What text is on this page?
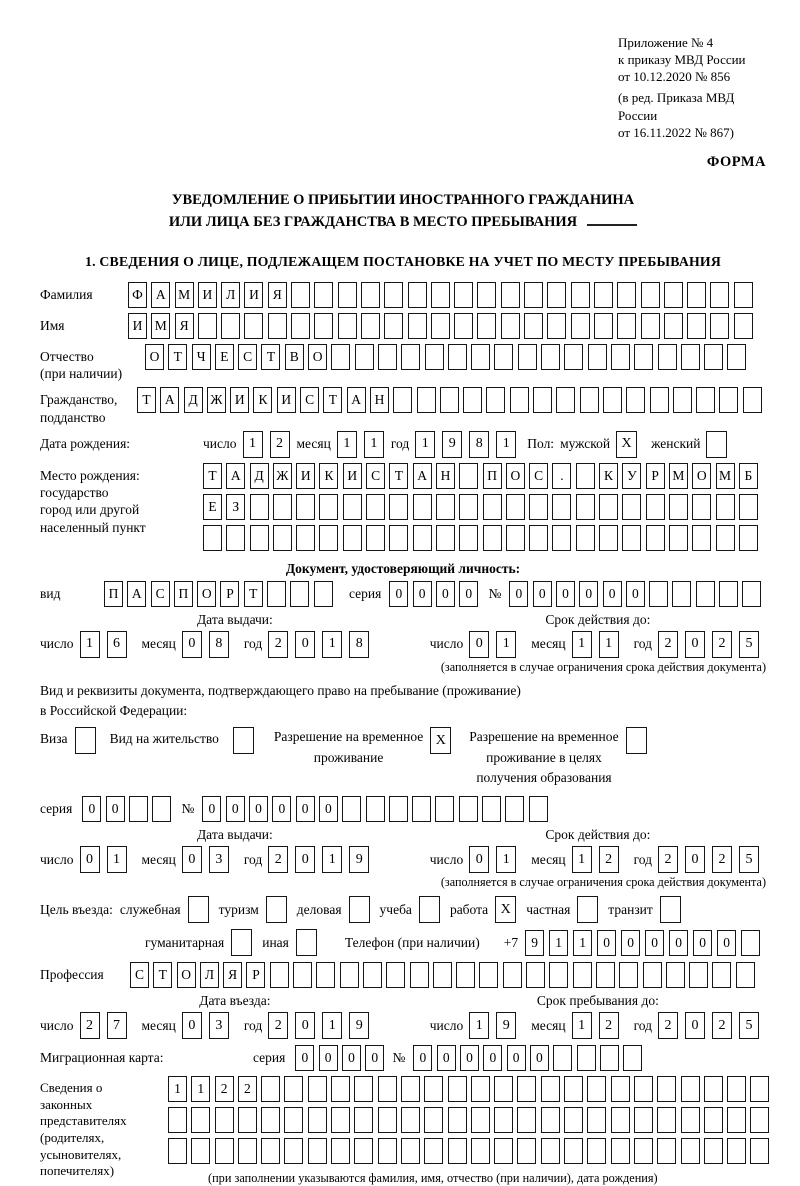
Приложение № 4
к приказу МВД России
от 10.12.2020 № 856
(в ред. Приказа МВД России
от 16.11.2022 № 867)
ФОРМА
УВЕДОМЛЕНИЕ О ПРИБЫТИИ ИНОСТРАННОГО ГРАЖДАНИНА
ИЛИ ЛИЦА БЕЗ ГРАЖДАНСТВА В МЕСТО ПРЕБЫВАНИЯ
1. СВЕДЕНИЯ О ЛИЦЕ, ПОДЛЕЖАЩЕМ ПОСТАНОВКЕ НА УЧЕТ ПО МЕСТУ ПРЕБЫВАНИЯ
Фамилия	Ф А М И	Л	И	Я
Имя	И М Я
Отчество
(при наличии)
О	Т	Ч	Е	С	Т	В	О
Гражданство,
подданство
Т	А	Д Ж И	К	И	С	Т	А	Н
Дата рождения:	число 1	2	месяц 1	1	год 1	9	8	1	Пол: мужской X	женский
Место рождения:
государство
город или другой
населенный пункт
Т	А	Д Ж И	К	И	С	Т	А	Н	П	О	С	.	К	У	Р	М О М Б
Е	З
Документ, удостоверяющий личность:
вид	П	А	С	П	О	Р	Т	серия	0	0	0	0	№	0	0	0	0	0	0
Дата выдачи:
число 1	6	месяц 0	8	год 2	0	1	8
Срок действия до:
число 0	1	месяц 1	1	год 2	0	2	5
(заполняется в случае ограничения срока действия документа)
Вид и реквизиты документа, подтверждающего право на пребывание (проживание)
в Российской Федерации:
Виза	Вид на жительство	Разрешение на временное
проживание
X	Разрешение на временное
проживание в целях
получения образования
серия	0	0	№	0	0	0	0	0	0
Дата выдачи:
число 0	1	месяц 0	3	год 2	0	1	9
Срок действия до:
число 0	1	месяц 1	2	год 2	0	2	5
(заполняется в случае ограничения срока действия документа)
Цель въезда: служебная	туризм	деловая	учеба	работа X	частная	транзит
гуманитарная	иная	Телефон (при наличии) +7 9	1	1	0	0	0	0	0	0
Профессия	С	Т	О	Л	Я	Р
Дата въезда:
число 2	7	месяц 0	3	год 2	0	1	9
Срок пребывания до:
число 1	9	месяц 1	2	год 2	0	2	5
Миграционная карта:	серия	0	0	0	0	№	0	0	0	0	0	0
Сведения о
законных
представителях
(родителях,
усыновителях,
попечителях)
1	1	2	2
(при заполнении указываются фамилия, имя, отчество (при наличии), дата рождения)
